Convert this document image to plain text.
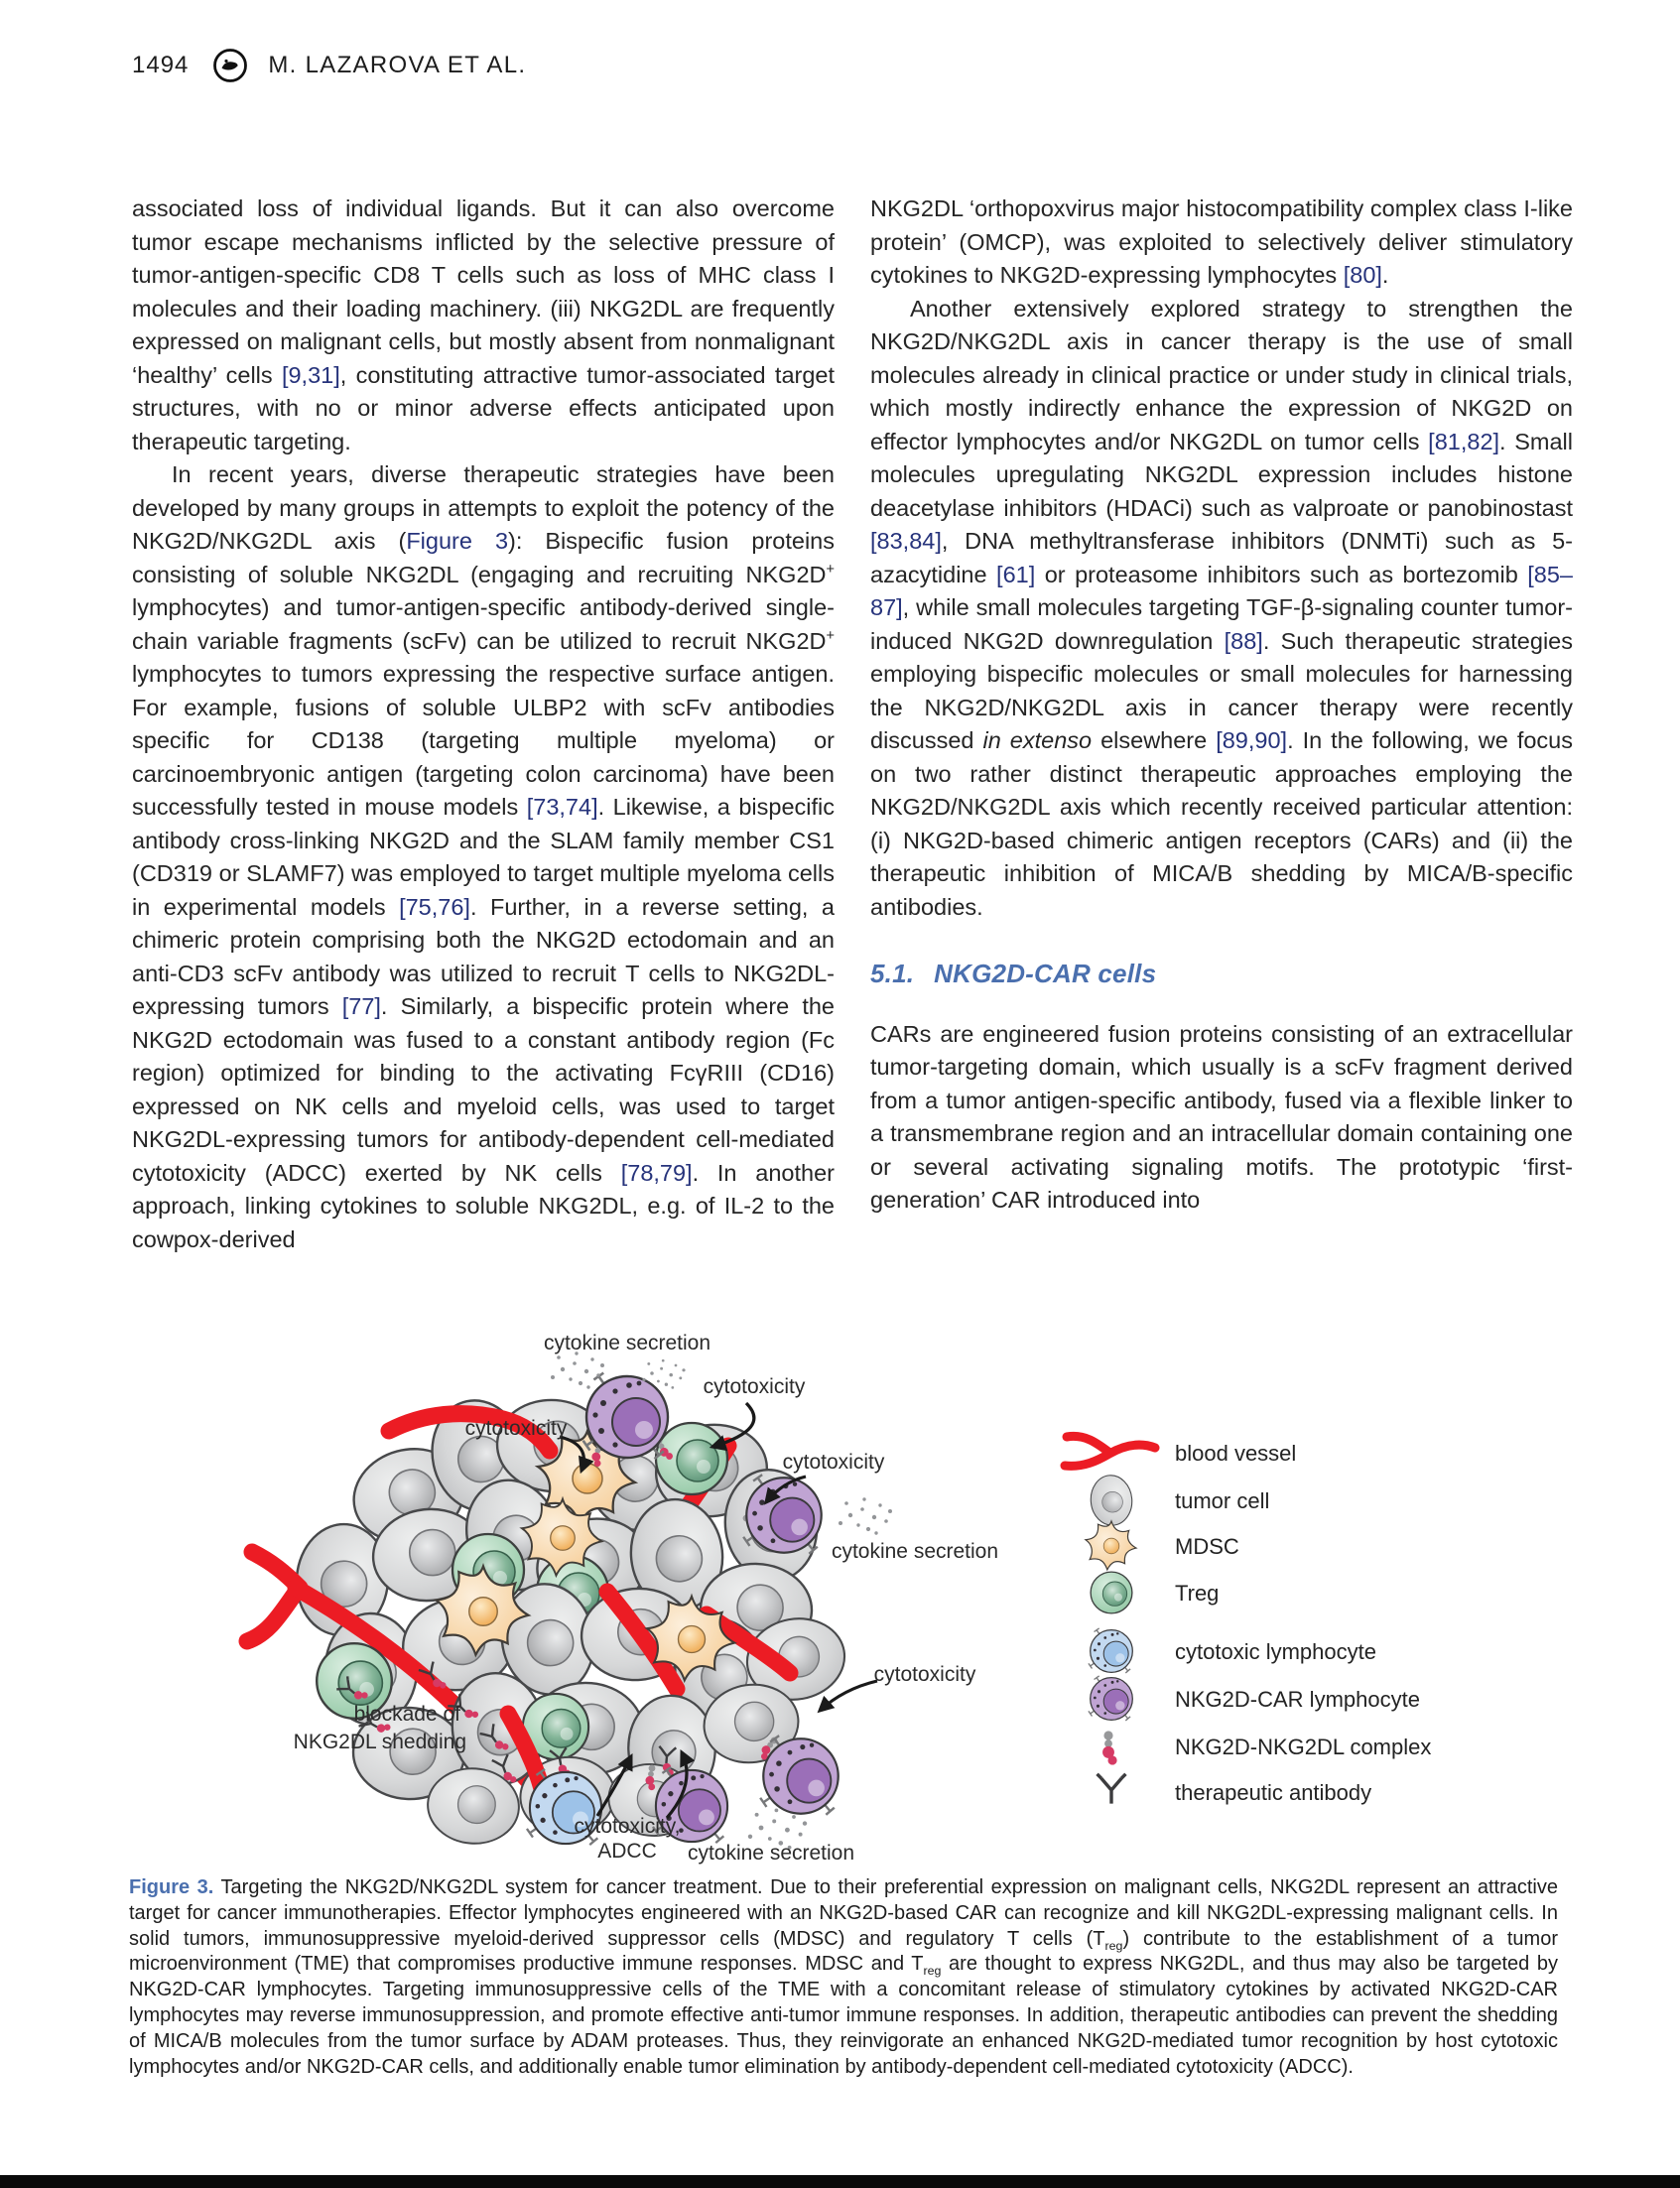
1494	M. LAZAROVA ET AL.

associated loss of individual ligands. But it can also overcome tumor escape mechanisms inflicted by the selective pressure of tumor-antigen-specific CD8 T cells such as loss of MHC class I molecules and their loading machinery. (iii) NKG2DL are frequently expressed on malignant cells, but mostly absent from nonmalignant ‘healthy’ cells [9,31], constituting attractive tumor-associated target structures, with no or minor adverse effects anticipated upon therapeutic targeting.

In recent years, diverse therapeutic strategies have been developed by many groups in attempts to exploit the potency of the NKG2D/NKG2DL axis (Figure 3): Bispecific fusion proteins consisting of soluble NKG2DL (engaging and recruiting NKG2D+ lymphocytes) and tumor-antigen-specific antibody-derived single-chain variable fragments (scFv) can be utilized to recruit NKG2D+ lymphocytes to tumors expressing the respective surface antigen. For example, fusions of soluble ULBP2 with scFv antibodies specific for CD138 (targeting multiple myeloma) or carcinoembryonic antigen (targeting colon carcinoma) have been successfully tested in mouse models [73,74]. Likewise, a bispecific antibody cross-linking NKG2D and the SLAM family member CS1 (CD319 or SLAMF7) was employed to target multiple myeloma cells in experimental models [75,76]. Further, in a reverse setting, a chimeric protein comprising both the NKG2D ectodomain and an anti-CD3 scFv antibody was utilized to recruit T cells to NKG2DL-expressing tumors [77]. Similarly, a bispecific protein where the NKG2D ectodomain was fused to a constant antibody region (Fc region) optimized for binding to the activating FcγRIII (CD16) expressed on NK cells and myeloid cells, was used to target NKG2DL-expressing tumors for antibody-dependent cell-mediated cytotoxicity (ADCC) exerted by NK cells [78,79]. In another approach, linking cytokines to soluble NKG2DL, e.g. of IL-2 to the cowpox-derived

NKG2DL ‘orthopoxvirus major histocompatibility complex class I-like protein’ (OMCP), was exploited to selectively deliver stimulatory cytokines to NKG2D-expressing lymphocytes [80].

Another extensively explored strategy to strengthen the NKG2D/NKG2DL axis in cancer therapy is the use of small molecules already in clinical practice or under study in clinical trials, which mostly indirectly enhance the expression of NKG2D on effector lymphocytes and/or NKG2DL on tumor cells [81,82]. Small molecules upregulating NKG2DL expression includes histone deacetylase inhibitors (HDACi) such as valproate or panobinostast [83,84], DNA methyltransferase inhibitors (DNMTi) such as 5-azacytidine [61] or proteasome inhibitors such as bortezomib [85–87], while small molecules targeting TGF-β-signaling counter tumor-induced NKG2D downregulation [88]. Such therapeutic strategies employing bispecific molecules or small molecules for harnessing the NKG2D/NKG2DL axis in cancer therapy were recently discussed in extenso elsewhere [89,90]. In the following, we focus on two rather distinct therapeutic approaches employing the NKG2D/NKG2DL axis which recently received particular attention: (i) NKG2D-based chimeric antigen receptors (CARs) and (ii) the therapeutic inhibition of MICA/B shedding by MICA/B-specific antibodies.

5.1. NKG2D-CAR cells

CARs are engineered fusion proteins consisting of an extracellular tumor-targeting domain, which usually is a scFv fragment derived from a tumor antigen-specific antibody, fused via a flexible linker to a transmembrane region and an intracellular domain containing one or several activating signaling motifs. The prototypic ‘first-generation’ CAR introduced into

cytokine secretion
cytotoxicity
cytotoxicity
cytotoxicity
cytokine secretion
cytotoxicity
blockade of
NKG2DL shedding
cytotoxicity,
ADCC cytokine secretion
blood vessel
tumor cell
MDSC
Treg
cytotoxic lymphocyte
NKG2D-CAR lymphocyte
NKG2D-NKG2DL complex
therapeutic antibody
Figure 3. Targeting the NKG2D/NKG2DL system for cancer treatment. Due to their preferential expression on malignant cells, NKG2DL represent an attractive target for cancer immunotherapies. Effector lymphocytes engineered with an NKG2D-based CAR can recognize and kill NKG2DL-expressing malignant cells. In solid tumors, immunosuppressive myeloid-derived suppressor cells (MDSC) and regulatory T cells $(T_{reg})$ contribute to the establishment of a tumor microenvironment (TME) that compromises productive immune responses. MDSC and $T_{reg}$ are thought to express NKG2DL, and thus may also be targeted by NKG2D-CAR lymphocytes. Targeting immunosuppressive cells of the TME with a concomitant release of stimulatory cytokines by activated NKG2D-CAR lymphocytes may reverse immunosuppression, and promote effective anti-tumor immune responses. In addition, therapeutic antibodies can prevent the shedding of MICA/B molecules from the tumor surface by ADAM proteases. Thus, they reinvigorate an enhanced NKG2D-mediated tumor recognition by host cytotoxic lymphocytes and/or NKG2D-CAR cells, and additionally enable tumor elimination by antibody-dependent cell-mediated cytotoxicity (ADCC).
